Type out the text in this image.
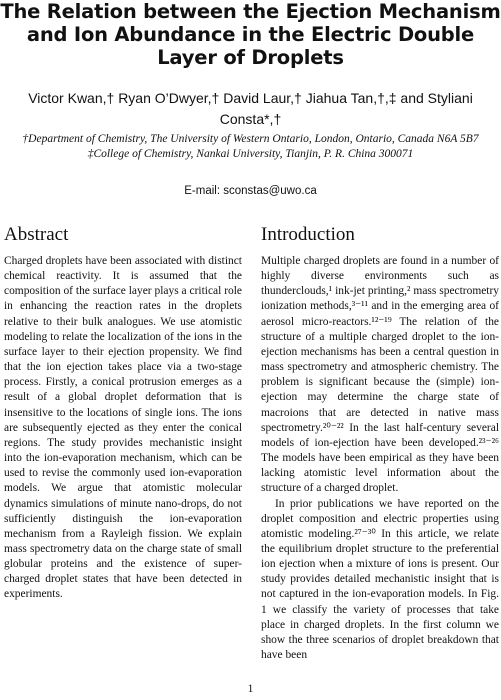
The Relation between the Ejection Mechanism and Ion Abundance in the Electric Double Layer of Droplets
Victor Kwan,† Ryan O’Dwyer,† David Laur,† Jiahua Tan,†,‡ and Styliani Consta*,†
†Department of Chemistry, The University of Western Ontario, London, Ontario, Canada N6A 5B7
‡College of Chemistry, Nankai University, Tianjin, P. R. China 300071
E-mail: sconstas@uwo.ca
Abstract

Charged droplets have been associated with distinct chemical reactivity. It is assumed that the composition of the surface layer plays a critical role in enhancing the reaction rates in the droplets relative to their bulk analogues. We use atomistic modeling to relate the localization of the ions in the surface layer to their ejection propensity. We find that the ion ejection takes place via a two-stage process. Firstly, a conical protrusion emerges as a result of a global droplet deformation that is insensitive to the locations of single ions. The ions are subsequently ejected as they enter the conical regions. The study provides mechanistic insight into the ion-evaporation mechanism, which can be used to revise the commonly used ion-evaporation models. We argue that atomistic molecular dynamics simulations of minute nano-drops, do not sufficiently distinguish the ion-evaporation mechanism from a Rayleigh fission. We explain mass spectrometry data on the charge state of small globular proteins and the existence of super-charged droplet states that have been detected in experiments.

Introduction

Multiple charged droplets are found in a number of highly diverse environments such as thunderclouds,¹ ink-jet printing,² mass spectrometry ionization methods,³⁻¹¹ and in the emerging area of aerosol micro-reactors.¹²⁻¹⁹ The relation of the structure of a multiple charged droplet to the ion-ejection mechanisms has been a central question in mass spectrometry and atmospheric chemistry. The problem is significant because the (simple) ion-ejection may determine the charge state of macroions that are detected in native mass spectrometry.²⁰⁻²² In the last half-century several models of ion-ejection have been developed.²³⁻²⁶ The models have been empirical as they have been lacking atomistic level information about the structure of a charged droplet.

In prior publications we have reported on the droplet composition and electric properties using atomistic modeling.²⁷⁻³⁰ In this article, we relate the equilibrium droplet structure to the preferential ion ejection when a mixture of ions is present. Our study provides detailed mechanistic insight that is not captured in the ion-evaporation models. In Fig. 1 we classify the variety of processes that take place in charged droplets. In the first column we show the three scenarios of droplet breakdown that have been

1
